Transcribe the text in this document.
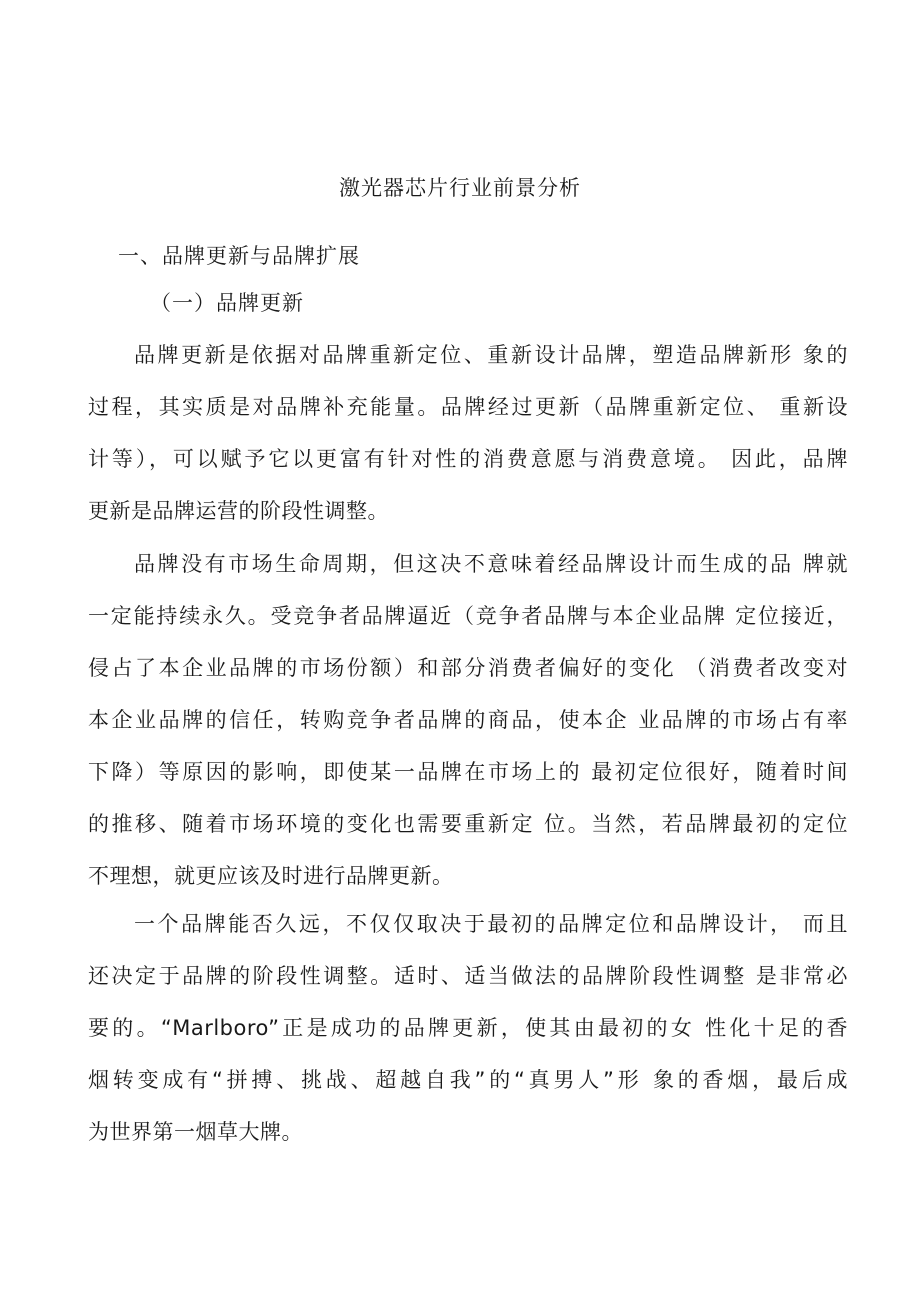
激光器芯片行业前景分析
一、品牌更新与品牌扩展
（一）品牌更新
品牌更新是依据对品牌重新定位、重新设计品牌，塑造品牌新形 象的
过程，其实质是对品牌补充能量。品牌经过更新（品牌重新定位、 重新设
计等），可以赋予它以更富有针对性的消费意愿与消费意境。 因此，品牌
更新是品牌运营的阶段性调整。
品牌没有市场生命周期，但这决不意味着经品牌设计而生成的品 牌就
一定能持续永久。受竞争者品牌逼近（竞争者品牌与本企业品牌 定位接近，
侵占了本企业品牌的市场份额）和部分消费者偏好的变化 （消费者改变对
本企业品牌的信任，转购竞争者品牌的商品，使本企 业品牌的市场占有率
下降）等原因的影响，即使某一品牌在市场上的 最初定位很好，随着时间
的推移、随着市场环境的变化也需要重新定 位。当然，若品牌最初的定位
不理想，就更应该及时进行品牌更新。
一个品牌能否久远，不仅仅取决于最初的品牌定位和品牌设计， 而且
还决定于品牌的阶段性调整。适时、适当做法的品牌阶段性调整 是非常必
要的。“Marlboro”正是成功的品牌更新，使其由最初的女 性化十足的香
烟转变成有“拼搏、挑战、超越自我”的“真男人”形 象的香烟，最后成
为世界第一烟草大牌。
